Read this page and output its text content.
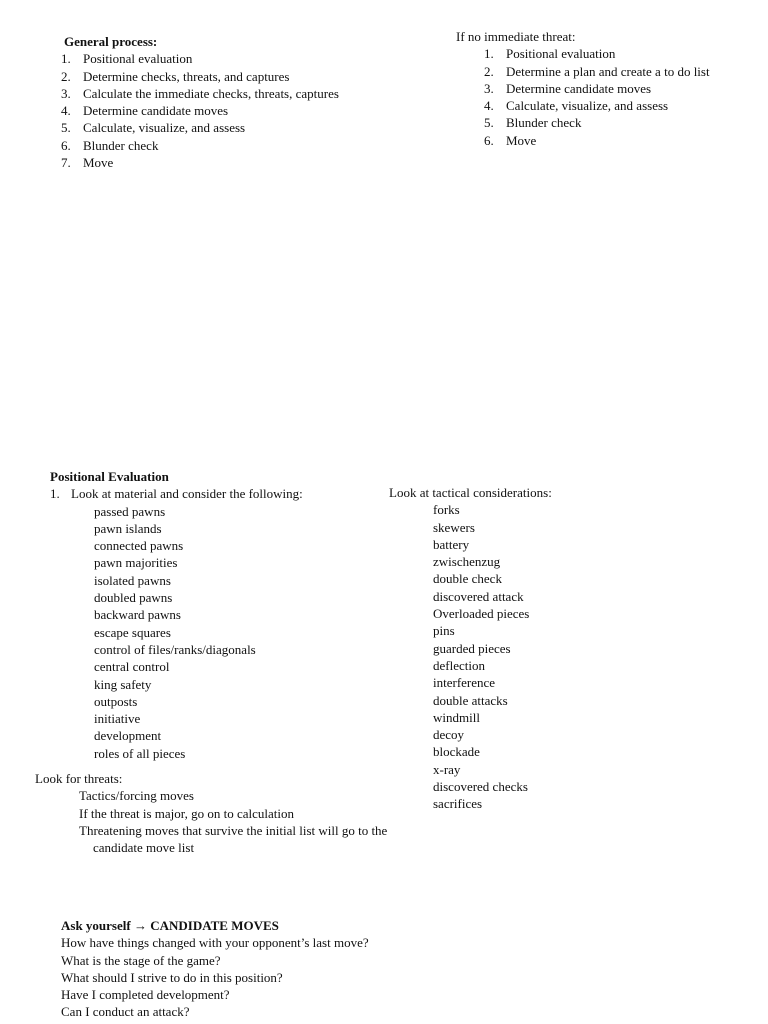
General process:
1. Positional evaluation
2. Determine checks, threats, and captures
3. Calculate the immediate checks, threats, captures
4. Determine candidate moves
5. Calculate, visualize, and assess
6. Blunder check
7. Move
If no immediate threat:
1. Positional evaluation
2. Determine a plan and create a to do list
3. Determine candidate moves
4. Calculate, visualize, and assess
5. Blunder check
6. Move
Positional Evaluation
1. Look at material and consider the following:
passed pawns
pawn islands
connected pawns
pawn majorities
isolated pawns
doubled pawns
backward pawns
escape squares
control of files/ranks/diagonals
central control
king safety
outposts
initiative
development
roles of all pieces
Look at tactical considerations:
forks
skewers
battery
zwischenzug
double check
discovered attack
Overloaded pieces
pins
guarded pieces
deflection
interference
double attacks
windmill
decoy
blockade
x-ray
discovered checks
sacrifices
Look for threats:
Tactics/forcing moves
If the threat is major, go on to calculation
Threatening moves that survive the initial list will go to the candidate move list
Ask yourself → CANDIDATE MOVES
How have things changed with your opponent’s last move?
What is the stage of the game?
What should I strive to do in this position?
Have I completed development?
Can I conduct an attack?
